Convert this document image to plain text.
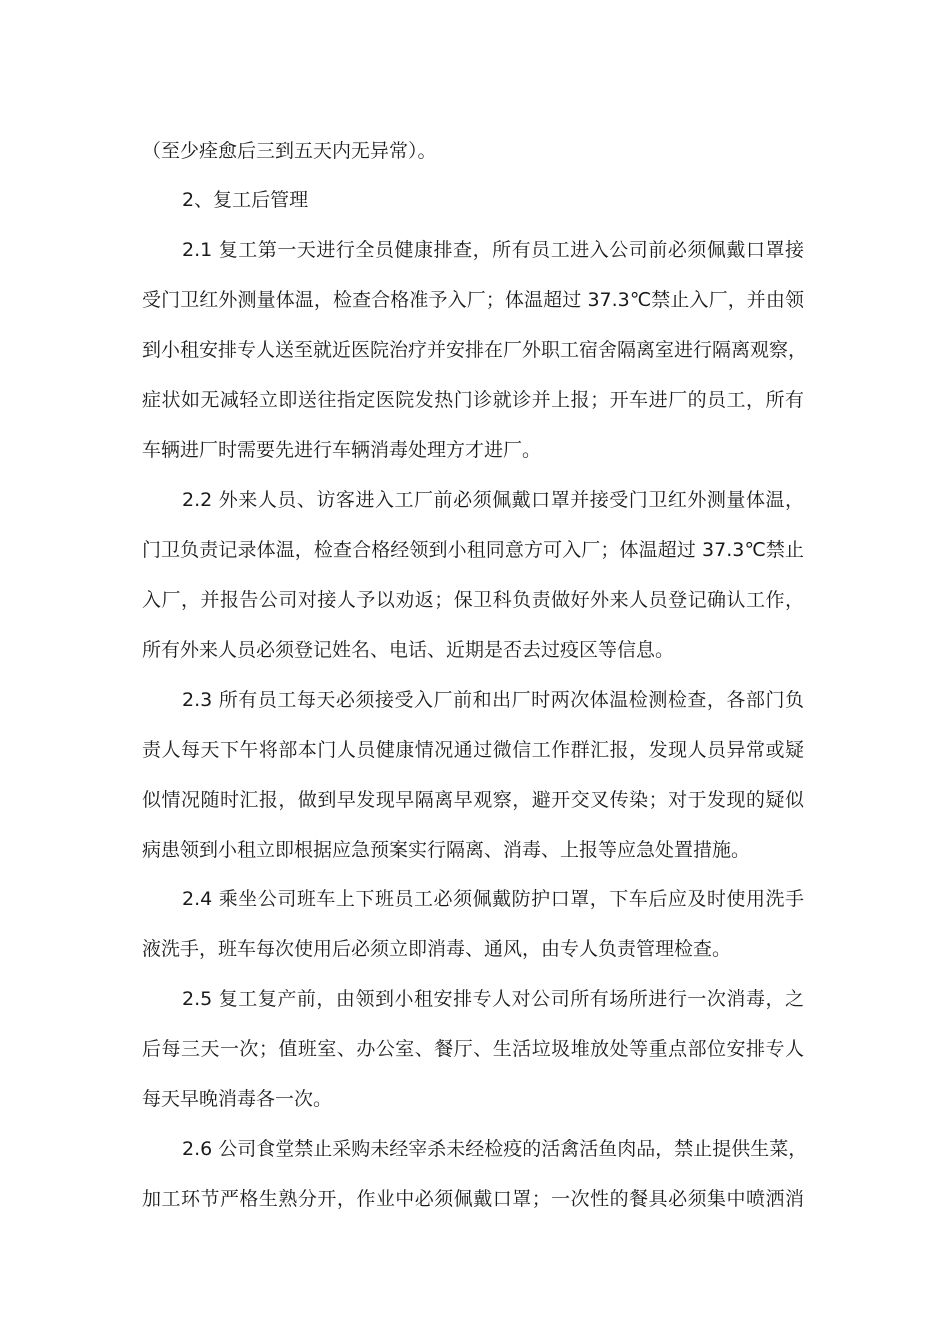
（至少痊愈后三到五天内无异常）。
2、复工后管理
2.1 复工第一天进行全员健康排查，所有员工进入公司前必须佩戴口罩接
受门卫红外测量体温，检查合格准予入厂；体温超过 37.3℃禁止入厂，并由领
到小租安排专人送至就近医院治疗并安排在厂外职工宿舍隔离室进行隔离观察，
症状如无减轻立即送往指定医院发热门诊就诊并上报；开车进厂的员工，所有
车辆进厂时需要先进行车辆消毒处理方才进厂。
2.2 外来人员、访客进入工厂前必须佩戴口罩并接受门卫红外测量体温，
门卫负责记录体温，检查合格经领到小租同意方可入厂；体温超过 37.3℃禁止
入厂，并报告公司对接人予以劝返；保卫科负责做好外来人员登记确认工作，
所有外来人员必须登记姓名、电话、近期是否去过疫区等信息。
2.3 所有员工每天必须接受入厂前和出厂时两次体温检测检查，各部门负
责人每天下午将部本门人员健康情况通过微信工作群汇报，发现人员异常或疑
似情况随时汇报，做到早发现早隔离早观察，避开交叉传染；对于发现的疑似
病患领到小租立即根据应急预案实行隔离、消毒、上报等应急处置措施。
2.4 乘坐公司班车上下班员工必须佩戴防护口罩，下车后应及时使用洗手
液洗手，班车每次使用后必须立即消毒、通风，由专人负责管理检查。
2.5 复工复产前，由领到小租安排专人对公司所有场所进行一次消毒，之
后每三天一次；值班室、办公室、餐厅、生活垃圾堆放处等重点部位安排专人
每天早晚消毒各一次。
2.6 公司食堂禁止采购未经宰杀未经检疫的活禽活鱼肉品，禁止提供生菜，
加工环节严格生熟分开，作业中必须佩戴口罩；一次性的餐具必须集中喷洒消
